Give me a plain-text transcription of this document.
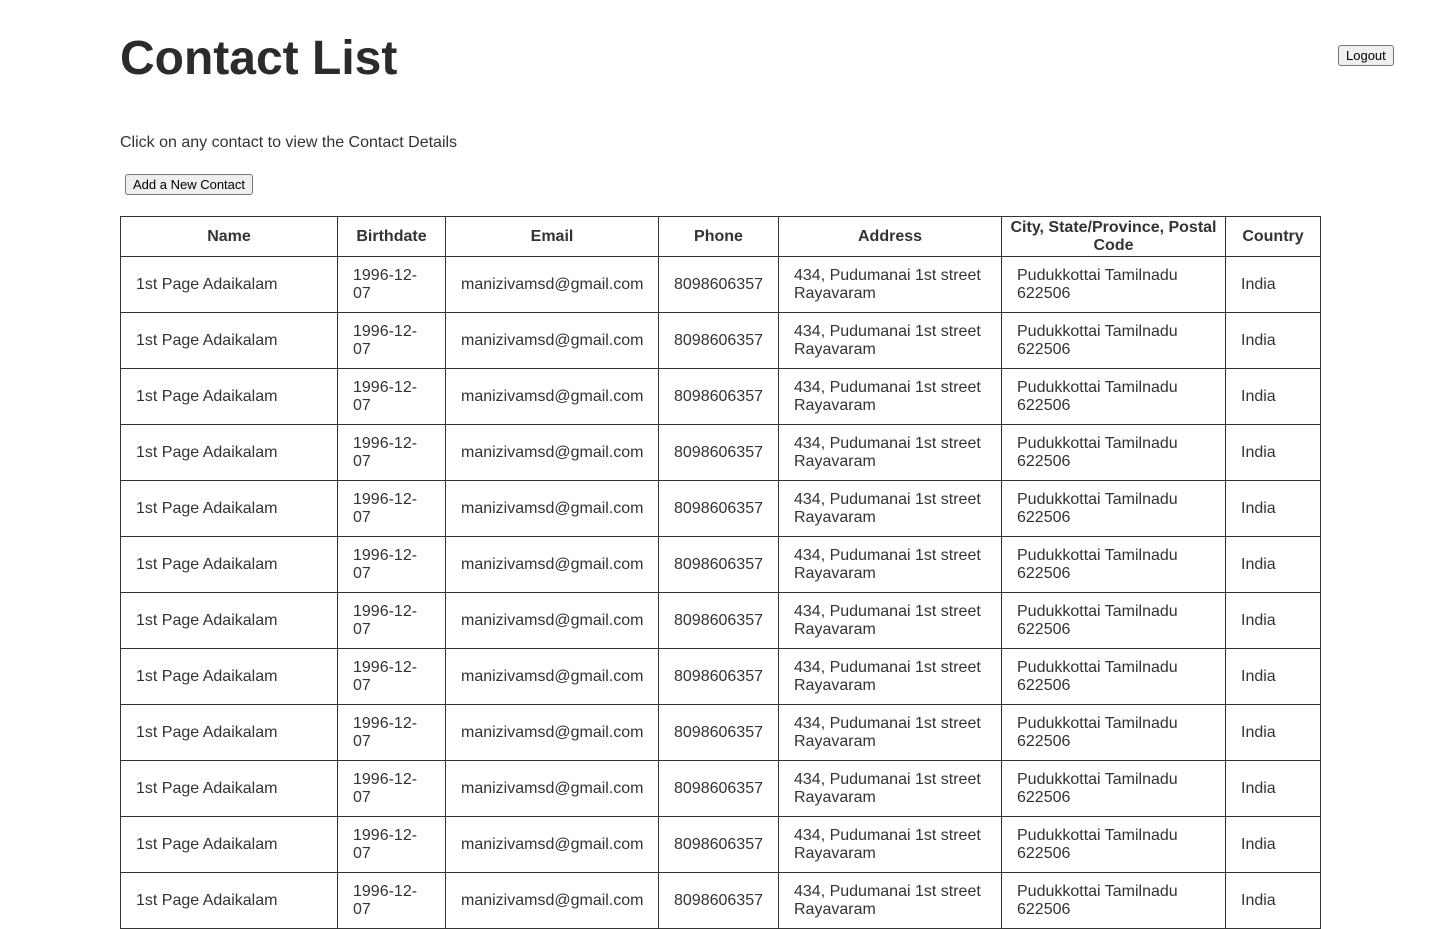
Contact List	Logout

Click on any contact to view the Contact Details

Add a New Contact
Name	Birthdate	Email	Phone	Address	City, State/Province, Postal Code	Country
1st Page Adaikalam	1996-12-07	manizivamsd@gmail.com	8098606357	434, Pudumanai 1st street Rayavaram	Pudukkottai Tamilnadu 622506	India
1st Page Adaikalam	1996-12-07	manizivamsd@gmail.com	8098606357	434, Pudumanai 1st street Rayavaram	Pudukkottai Tamilnadu 622506	India
1st Page Adaikalam	1996-12-07	manizivamsd@gmail.com	8098606357	434, Pudumanai 1st street Rayavaram	Pudukkottai Tamilnadu 622506	India
1st Page Adaikalam	1996-12-07	manizivamsd@gmail.com	8098606357	434, Pudumanai 1st street Rayavaram	Pudukkottai Tamilnadu 622506	India
1st Page Adaikalam	1996-12-07	manizivamsd@gmail.com	8098606357	434, Pudumanai 1st street Rayavaram	Pudukkottai Tamilnadu 622506	India
1st Page Adaikalam	1996-12-07	manizivamsd@gmail.com	8098606357	434, Pudumanai 1st street Rayavaram	Pudukkottai Tamilnadu 622506	India
1st Page Adaikalam	1996-12-07	manizivamsd@gmail.com	8098606357	434, Pudumanai 1st street Rayavaram	Pudukkottai Tamilnadu 622506	India
1st Page Adaikalam	1996-12-07	manizivamsd@gmail.com	8098606357	434, Pudumanai 1st street Rayavaram	Pudukkottai Tamilnadu 622506	India
1st Page Adaikalam	1996-12-07	manizivamsd@gmail.com	8098606357	434, Pudumanai 1st street Rayavaram	Pudukkottai Tamilnadu 622506	India
1st Page Adaikalam	1996-12-07	manizivamsd@gmail.com	8098606357	434, Pudumanai 1st street Rayavaram	Pudukkottai Tamilnadu 622506	India
1st Page Adaikalam	1996-12-07	manizivamsd@gmail.com	8098606357	434, Pudumanai 1st street Rayavaram	Pudukkottai Tamilnadu 622506	India
1st Page Adaikalam	1996-12-07	manizivamsd@gmail.com	8098606357	434, Pudumanai 1st street Rayavaram	Pudukkottai Tamilnadu 622506	India
